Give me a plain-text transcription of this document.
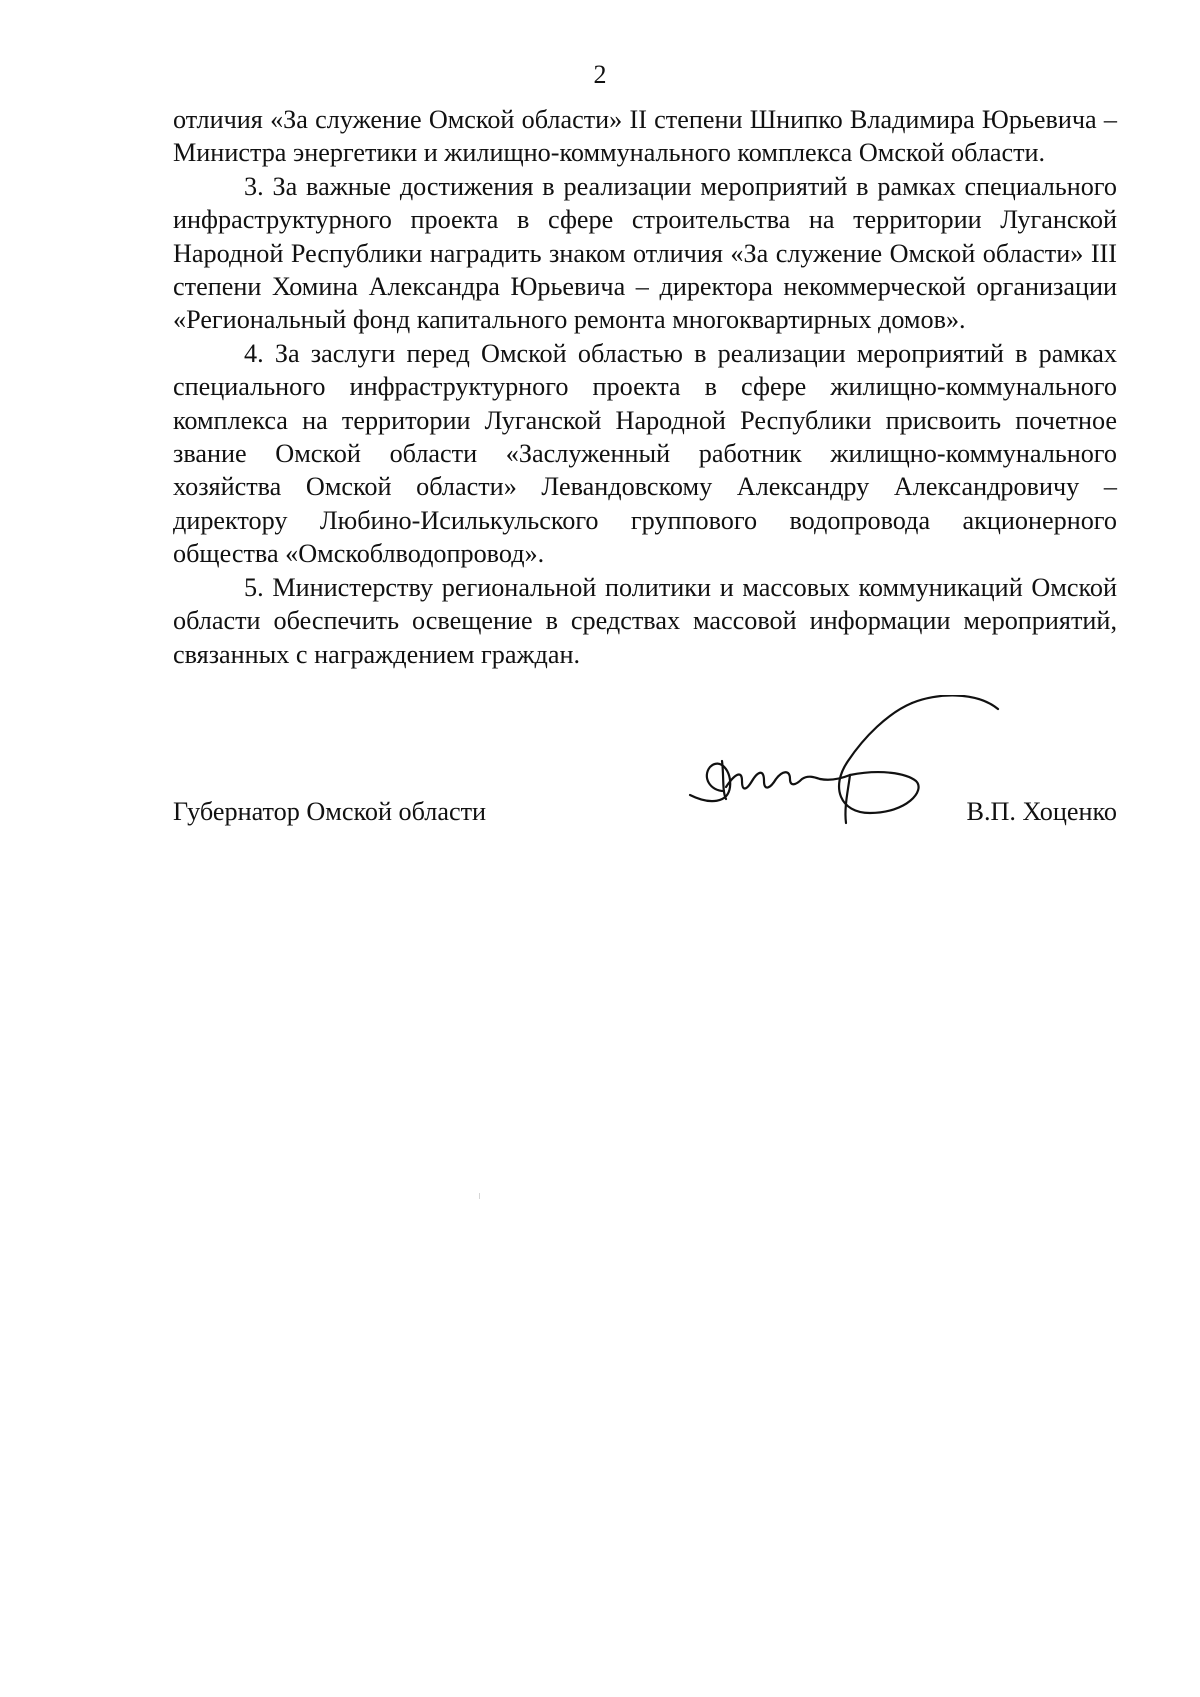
2

отличия «За служение Омской области» II степени Шнипко Владимира Юрьевича – Министра энергетики и жилищно-коммунального комплекса Омской области.

3. За важные достижения в реализации мероприятий в рамках специального инфраструктурного проекта в сфере строительства на территории Луганской Народной Республики наградить знаком отличия «За служение Омской области» III степени Хомина Александра Юрьевича – директора некоммерческой организации «Региональный фонд капитального ремонта многоквартирных домов».

4. За заслуги перед Омской областью в реализации мероприятий в рамках специального инфраструктурного проекта в сфере жилищно-коммунального комплекса на территории Луганской Народной Республики присвоить почетное звание Омской области «Заслуженный работник жилищно-коммунального хозяйства Омской области» Левандовскому Александру Александровичу – директору Любино-Исилькульского группового водопровода акционерного общества «Омскоблводопровод».

5. Министерству региональной политики и массовых коммуникаций Омской области обеспечить освещение в средствах массовой информации мероприятий, связанных с награждением граждан.

Губернатор Омской области	В.П. Хоценко
